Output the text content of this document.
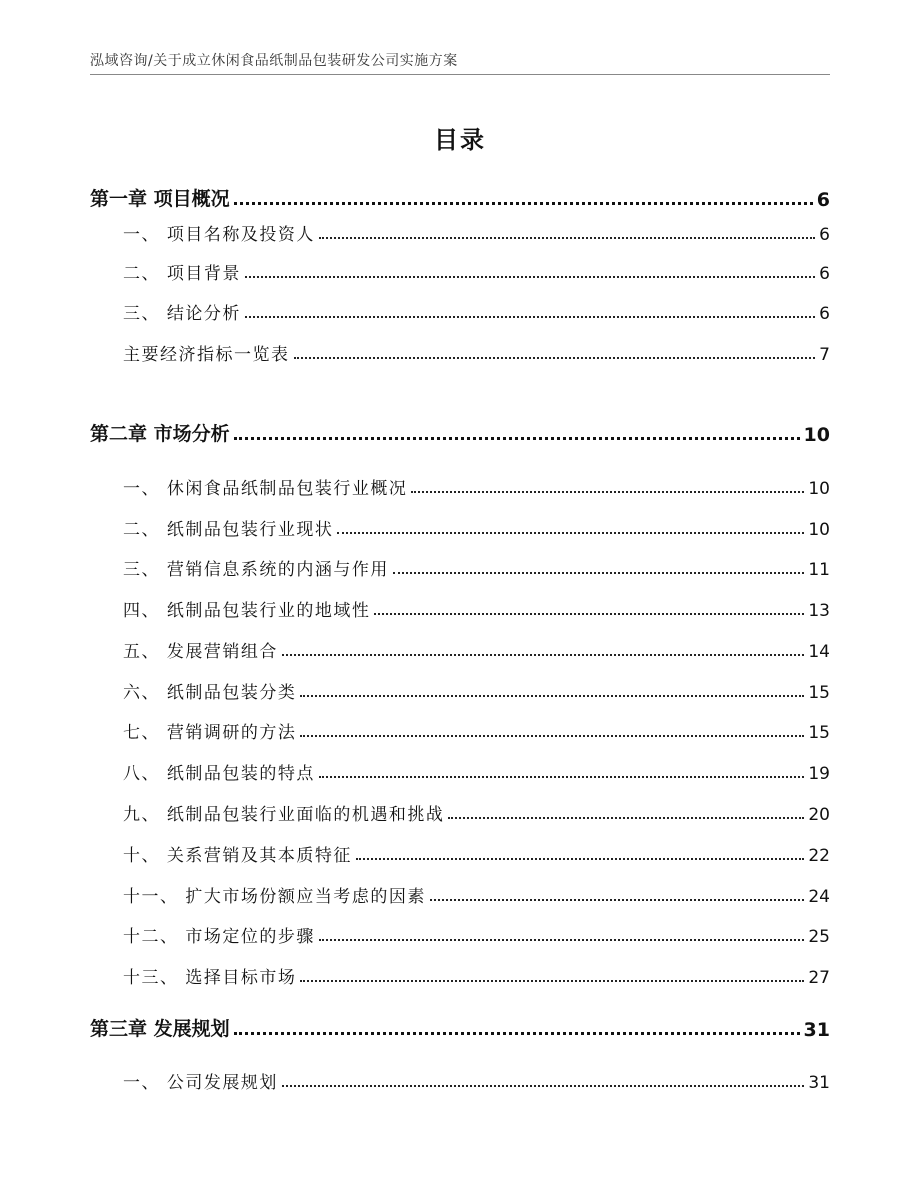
泓域咨询/关于成立休闲食品纸制品包装研发公司实施方案
目录
第一章 项目概况	6
一、 项目名称及投资人	6
二、 项目背景	6
三、 结论分析	6
主要经济指标一览表	7
第二章 市场分析	10
一、 休闲食品纸制品包装行业概况	10
二、 纸制品包装行业现状	10
三、 营销信息系统的内涵与作用	11
四、 纸制品包装行业的地域性	13
五、 发展营销组合	14
六、 纸制品包装分类	15
七、 营销调研的方法	15
八、 纸制品包装的特点	19
九、 纸制品包装行业面临的机遇和挑战	20
十、 关系营销及其本质特征	22
十一、 扩大市场份额应当考虑的因素	24
十二、 市场定位的步骤	25
十三、 选择目标市场	27
第三章 发展规划	31
一、 公司发展规划	31
